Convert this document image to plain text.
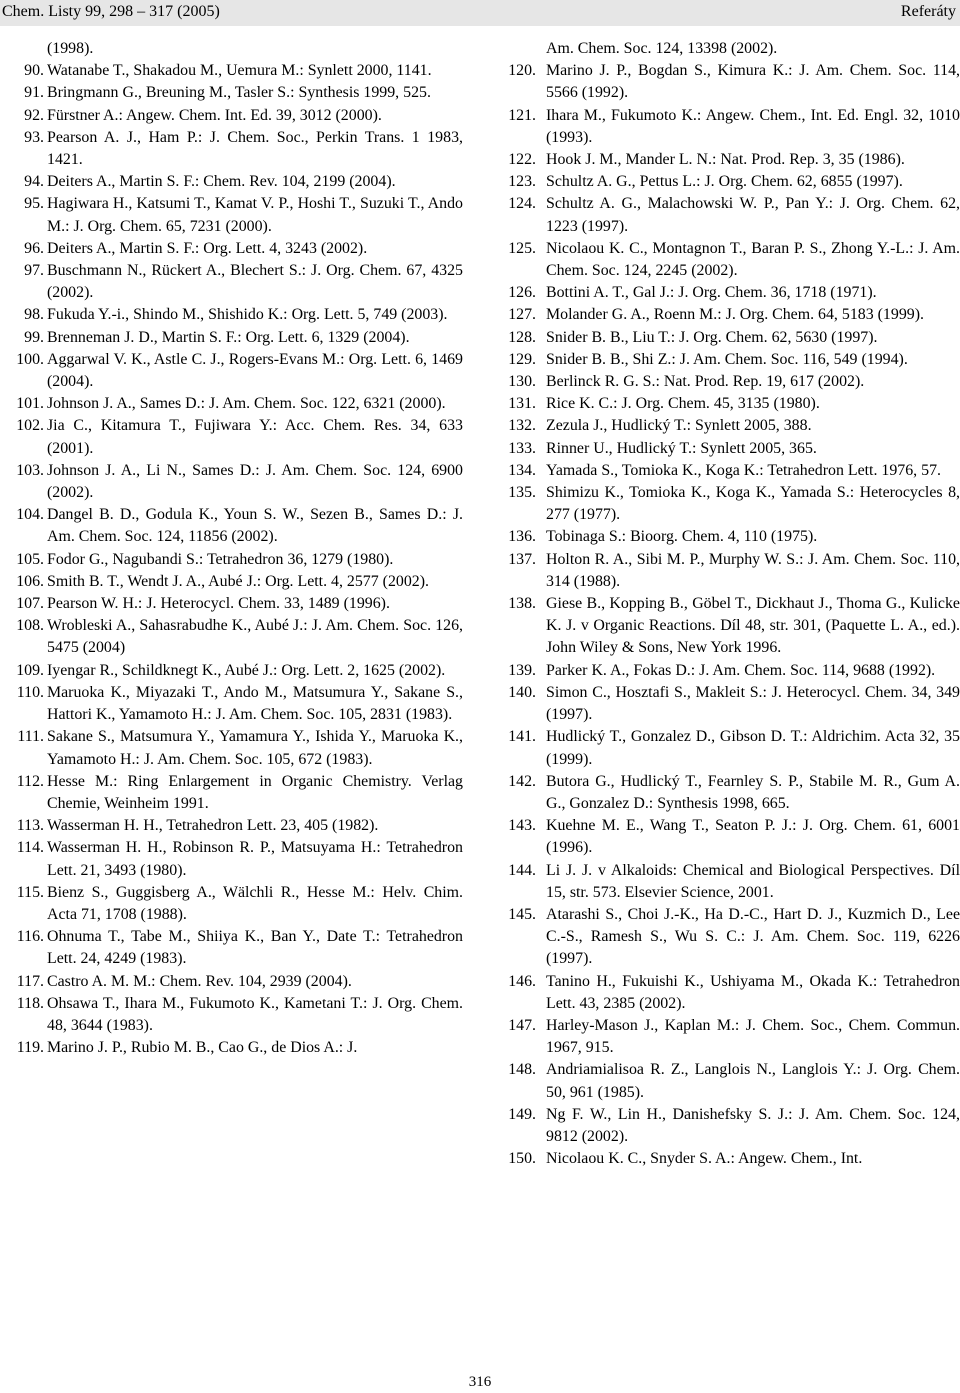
Chem. Listy 99, 298 – 317 (2005)	Referáty
(1998).
90. Watanabe T., Shakadou M., Uemura M.: Synlett 2000, 1141.
91. Bringmann G., Breuning M., Tasler S.: Synthesis 1999, 525.
92. Fürstner A.: Angew. Chem. Int. Ed. 39, 3012 (2000).
93. Pearson A. J., Ham P.: J. Chem. Soc., Perkin Trans. 1 1983, 1421.
94. Deiters A., Martin S. F.: Chem. Rev. 104, 2199 (2004).
95. Hagiwara H., Katsumi T., Kamat V. P., Hoshi T., Suzuki T., Ando M.: J. Org. Chem. 65, 7231 (2000).
96. Deiters A., Martin S. F.: Org. Lett. 4, 3243 (2002).
97. Buschmann N., Rückert A., Blechert S.: J. Org. Chem. 67, 4325 (2002).
98. Fukuda Y.-i., Shindo M., Shishido K.: Org. Lett. 5, 749 (2003).
99. Brenneman J. D., Martin S. F.: Org. Lett. 6, 1329 (2004).
100. Aggarwal V. K., Astle C. J., Rogers-Evans M.: Org. Lett. 6, 1469 (2004).
101. Johnson J. A., Sames D.: J. Am. Chem. Soc. 122, 6321 (2000).
102. Jia C., Kitamura T., Fujiwara Y.: Acc. Chem. Res. 34, 633 (2001).
103. Johnson J. A., Li N., Sames D.: J. Am. Chem. Soc. 124, 6900 (2002).
104. Dangel B. D., Godula K., Youn S. W., Sezen B., Sames D.: J. Am. Chem. Soc. 124, 11856 (2002).
105. Fodor G., Nagubandi S.: Tetrahedron 36, 1279 (1980).
106. Smith B. T., Wendt J. A., Aubé J.: Org. Lett. 4, 2577 (2002).
107. Pearson W. H.: J. Heterocycl. Chem. 33, 1489 (1996).
108. Wrobleski A., Sahasrabudhe K., Aubé J.: J. Am. Chem. Soc. 126, 5475 (2004)
109. Iyengar R., Schildknegt K., Aubé J.: Org. Lett. 2, 1625 (2002).
110. Maruoka K., Miyazaki T., Ando M., Matsumura Y., Sakane S., Hattori K., Yamamoto H.: J. Am. Chem. Soc. 105, 2831 (1983).
111. Sakane S., Matsumura Y., Yamamura Y., Ishida Y., Maruoka K., Yamamoto H.: J. Am. Chem. Soc. 105, 672 (1983).
112. Hesse M.: Ring Enlargement in Organic Chemistry. Verlag Chemie, Weinheim 1991.
113. Wasserman H. H., Tetrahedron Lett. 23, 405 (1982).
114. Wasserman H. H., Robinson R. P., Matsuyama H.: Tetrahedron Lett. 21, 3493 (1980).
115. Bienz S., Guggisberg A., Wälchli R., Hesse M.: Helv. Chim. Acta 71, 1708 (1988).
116. Ohnuma T., Tabe M., Shiiya K., Ban Y., Date T.: Tetrahedron Lett. 24, 4249 (1983).
117. Castro A. M. M.: Chem. Rev. 104, 2939 (2004).
118. Ohsawa T., Ihara M., Fukumoto K., Kametani T.: J. Org. Chem. 48, 3644 (1983).
119. Marino J. P., Rubio M. B., Cao G., de Dios A.: J.
Am. Chem. Soc. 124, 13398 (2002).
120. Marino J. P., Bogdan S., Kimura K.: J. Am. Chem. Soc. 114, 5566 (1992).
121. Ihara M., Fukumoto K.: Angew. Chem., Int. Ed. Engl. 32, 1010 (1993).
122. Hook J. M., Mander L. N.: Nat. Prod. Rep. 3, 35 (1986).
123. Schultz A. G., Pettus L.: J. Org. Chem. 62, 6855 (1997).
124. Schultz A. G., Malachowski W. P., Pan Y.: J. Org. Chem. 62, 1223 (1997).
125. Nicolaou K. C., Montagnon T., Baran P. S., Zhong Y.-L.: J. Am. Chem. Soc. 124, 2245 (2002).
126. Bottini A. T., Gal J.: J. Org. Chem. 36, 1718 (1971).
127. Molander G. A., Roenn M.: J. Org. Chem. 64, 5183 (1999).
128. Snider B. B., Liu T.: J. Org. Chem. 62, 5630 (1997).
129. Snider B. B., Shi Z.: J. Am. Chem. Soc. 116, 549 (1994).
130. Berlinck R. G. S.: Nat. Prod. Rep. 19, 617 (2002).
131. Rice K. C.: J. Org. Chem. 45, 3135 (1980).
132. Zezula J., Hudlický T.: Synlett 2005, 388.
133. Rinner U., Hudlický T.: Synlett 2005, 365.
134. Yamada S., Tomioka K., Koga K.: Tetrahedron Lett. 1976, 57.
135. Shimizu K., Tomioka K., Koga K., Yamada S.: Heterocycles 8, 277 (1977).
136. Tobinaga S.: Bioorg. Chem. 4, 110 (1975).
137. Holton R. A., Sibi M. P., Murphy W. S.: J. Am. Chem. Soc. 110, 314 (1988).
138. Giese B., Kopping B., Göbel T., Dickhaut J., Thoma G., Kulicke K. J. v Organic Reactions. Díl 48, str. 301, (Paquette L. A., ed.). John Wiley & Sons, New York 1996.
139. Parker K. A., Fokas D.: J. Am. Chem. Soc. 114, 9688 (1992).
140. Simon C., Hosztafi S., Makleit S.: J. Heterocycl. Chem. 34, 349 (1997).
141. Hudlický T., Gonzalez D., Gibson D. T.: Aldrichim. Acta 32, 35 (1999).
142. Butora G., Hudlický T., Fearnley S. P., Stabile M. R., Gum A. G., Gonzalez D.: Synthesis 1998, 665.
143. Kuehne M. E., Wang T., Seaton P. J.: J. Org. Chem. 61, 6001 (1996).
144. Li J. J. v Alkaloids: Chemical and Biological Perspectives. Díl 15, str. 573. Elsevier Science, 2001.
145. Atarashi S., Choi J.-K., Ha D.-C., Hart D. J., Kuzmich D., Lee C.-S., Ramesh S., Wu S. C.: J. Am. Chem. Soc. 119, 6226 (1997).
146. Tanino H., Fukuishi K., Ushiyama M., Okada K.: Tetrahedron Lett. 43, 2385 (2002).
147. Harley-Mason J., Kaplan M.: J. Chem. Soc., Chem. Commun. 1967, 915.
148. Andriamialisoa R. Z., Langlois N., Langlois Y.: J. Org. Chem. 50, 961 (1985).
149. Ng F. W., Lin H., Danishefsky S. J.: J. Am. Chem. Soc. 124, 9812 (2002).
150. Nicolaou K. C., Snyder S. A.: Angew. Chem., Int.
316
